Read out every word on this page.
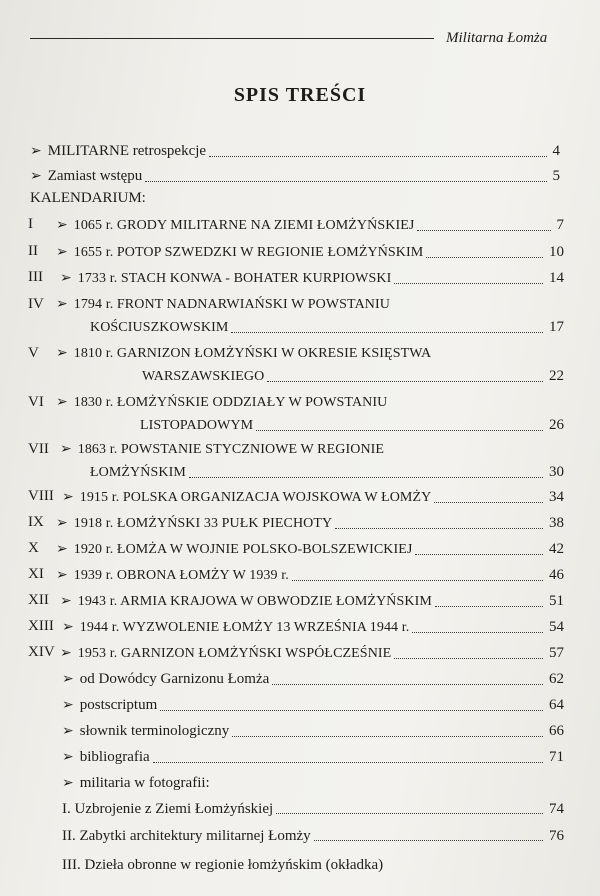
Militarna Łomża
SPIS TREŚCI
➢ MILITARNE retrospekcje	4
➢ Zamiast wstępu	5
KALENDARIUM:
I ➢ 1065 r. GRODY MILITARNE NA ZIEMI ŁOMŻYŃSKIEJ	7
II ➢ 1655 r. POTOP SZWEDZKI W REGIONIE ŁOMŻYŃSKIM	10
III ➢ 1733 r. STACH KONWA - BOHATER KURPIOWSKI	14
IV ➢ 1794 r. FRONT NADNARWIAŃSKI W POWSTANIU
KOŚCIUSZKOWSKIM	17
V ➢ 1810 r. GARNIZON ŁOMŻYŃSKI W OKRESIE KSIĘSTWA
WARSZAWSKIEGO	22
VI ➢ 1830 r. ŁOMŻYŃSKIE ODDZIAŁY W POWSTANIU
LISTOPADOWYM	26
VII ➢ 1863 r. POWSTANIE STYCZNIOWE W REGIONIE
ŁOMŻYŃSKIM	30
VIII ➢ 1915 r. POLSKA ORGANIZACJA WOJSKOWA W ŁOMŻY	34
IX ➢ 1918 r. ŁOMŻYŃSKI 33 PUŁK PIECHOTY	38
X ➢ 1920 r. ŁOMŻA W WOJNIE POLSKO-BOLSZEWICKIEJ	42
XI ➢ 1939 r. OBRONA ŁOMŻY W 1939 r.	46
XII ➢ 1943 r. ARMIA KRAJOWA W OBWODZIE ŁOMŻYŃSKIM	51
XIII ➢ 1944 r. WYZWOLENIE ŁOMŻY 13 WRZEŚNIA 1944 r.	54
XIV ➢ 1953 r. GARNIZON ŁOMŻYŃSKI WSPÓŁCZEŚNIE	57
➢ od Dowódcy Garnizonu Łomża	62
➢ postscriptum	64
➢ słownik terminologiczny	66
➢ bibliografia	71
➢ militaria w fotografii:
I. Uzbrojenie z Ziemi Łomżyńskiej	74
II. Zabytki architektury militarnej Łomży	76
III. Dzieła obronne w regionie łomżyńskim (okładka)
